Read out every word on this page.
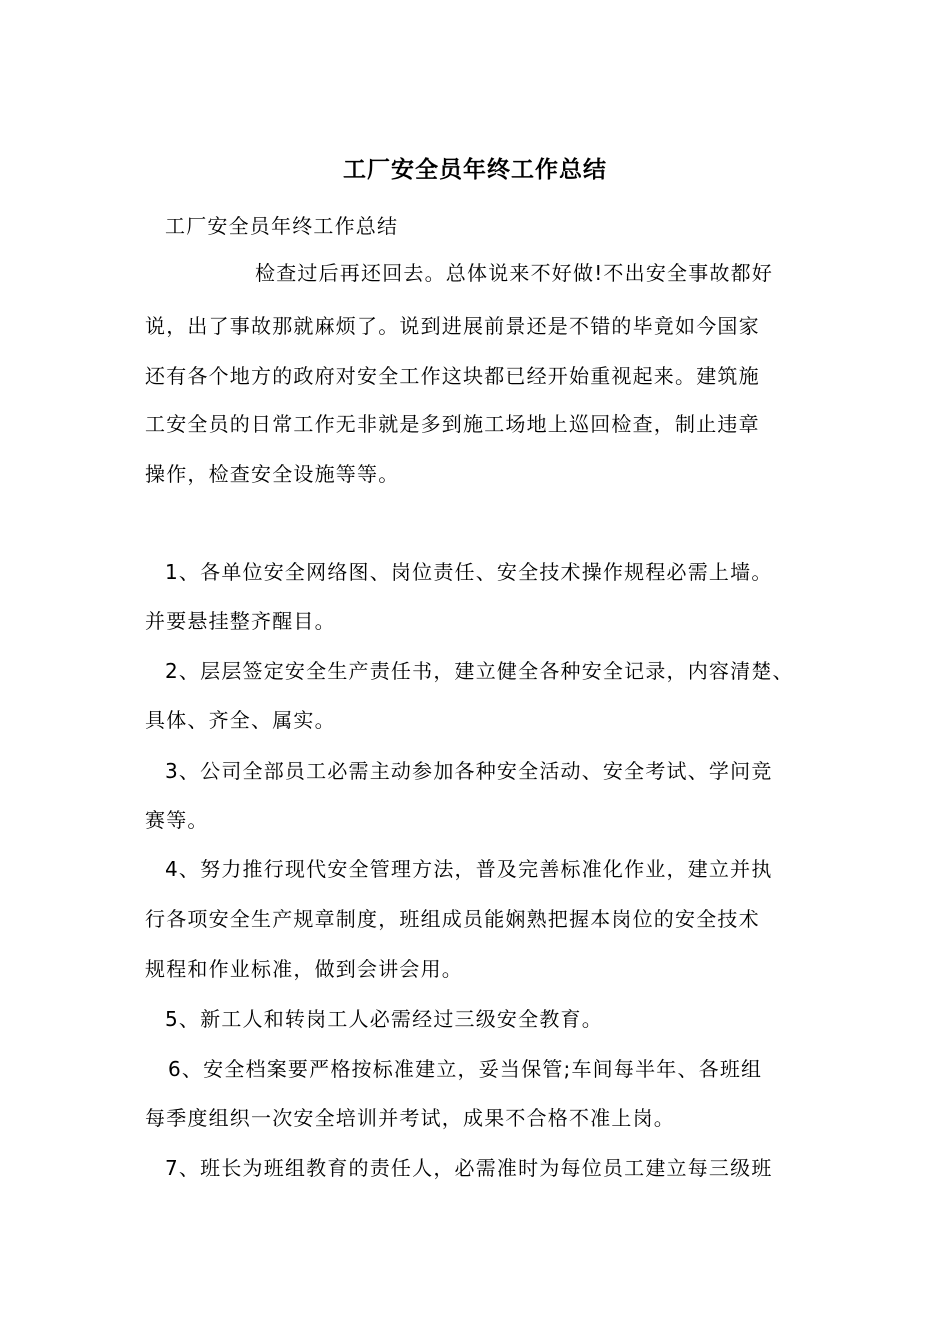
工厂安全员年终工作总结
工厂安全员年终工作总结
检查过后再还回去。总体说来不好做!不出安全事故都好
说，出了事故那就麻烦了。说到进展前景还是不错的毕竟如今国家
还有各个地方的政府对安全工作这块都已经开始重视起来。建筑施
工安全员的日常工作无非就是多到施工场地上巡回检查，制止违章
操作，检查安全设施等等。
1、各单位安全网络图、岗位责任、安全技术操作规程必需上墙。
并要悬挂整齐醒目。
2、层层签定安全生产责任书，建立健全各种安全记录，内容清楚、
具体、齐全、属实。
3、公司全部员工必需主动参加各种安全活动、安全考试、学问竞
赛等。
4、努力推行现代安全管理方法，普及完善标准化作业，建立并执
行各项安全生产规章制度，班组成员能娴熟把握本岗位的安全技术
规程和作业标准，做到会讲会用。
5、新工人和转岗工人必需经过三级安全教育。
6、安全档案要严格按标准建立，妥当保管;车间每半年、各班组
每季度组织一次安全培训并考试，成果不合格不准上岗。
7、班长为班组教育的责任人，必需准时为每位员工建立每三级班
